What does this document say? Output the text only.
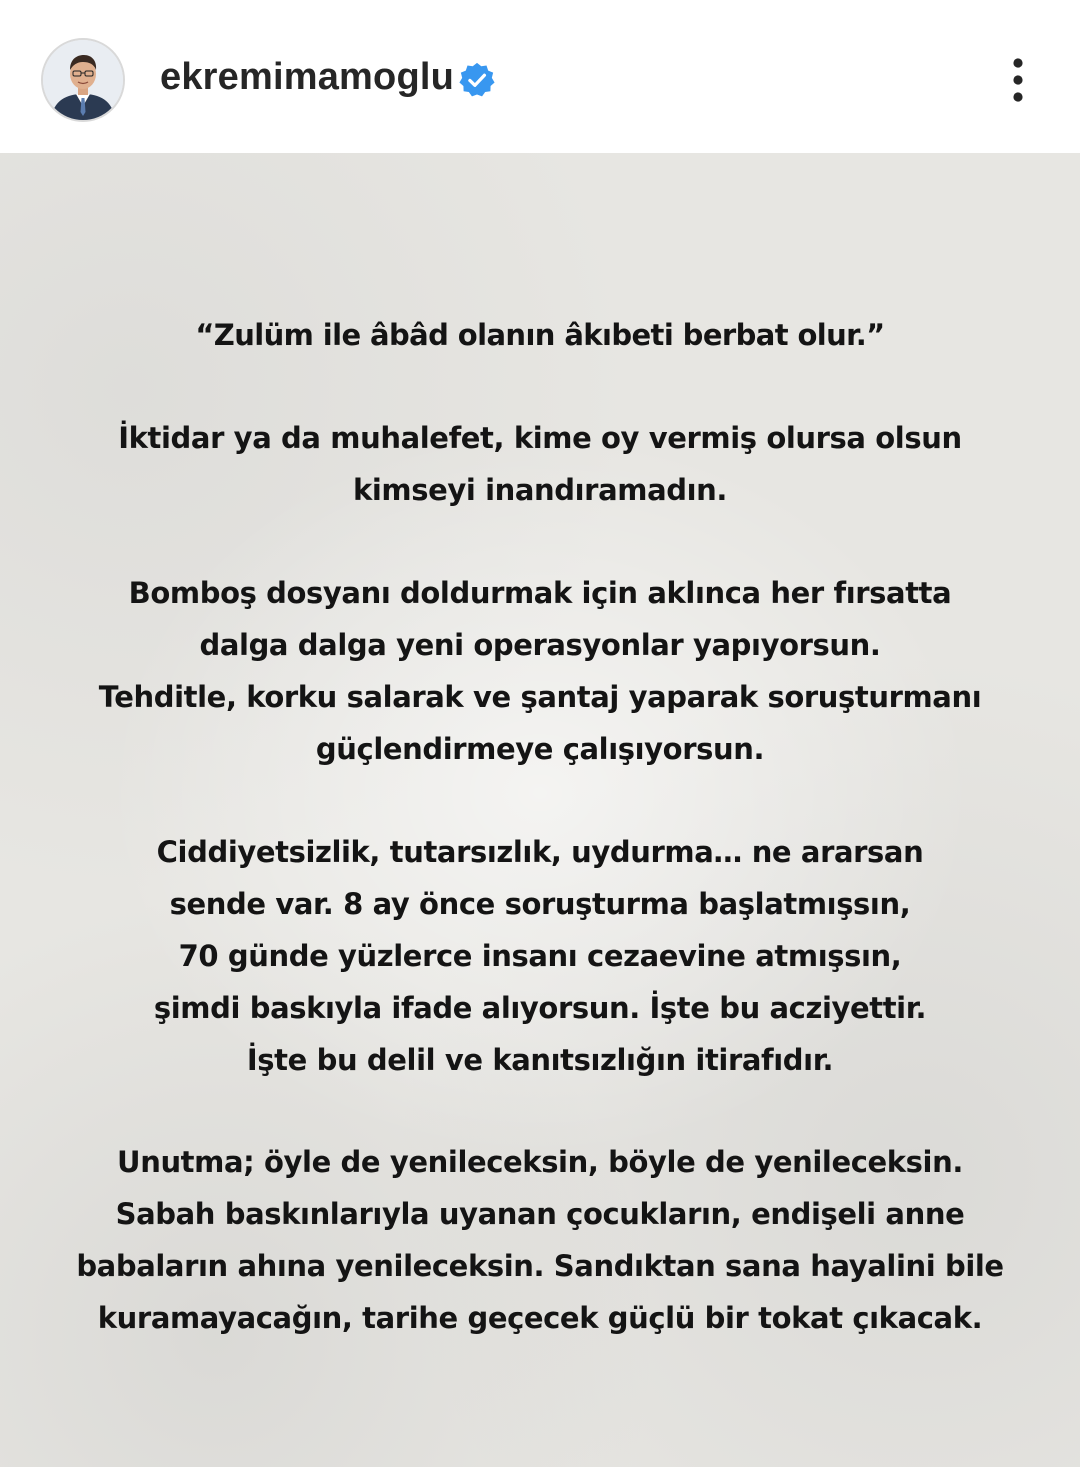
ekremimamoglu
“Zulüm ile âbâd olanın âkıbeti berbat olur.”
İktidar ya da muhalefet, kime oy vermiş olursa olsun
kimseyi inandıramadın.
Bomboş dosyanı doldurmak için aklınca her fırsatta
dalga dalga yeni operasyonlar yapıyorsun.
Tehditle, korku salarak ve şantaj yaparak soruşturmanı
güçlendirmeye çalışıyorsun.
Ciddiyetsizlik, tutarsızlık, uydurma… ne ararsan
sende var. 8 ay önce soruşturma başlatmışsın,
70 günde yüzlerce insanı cezaevine atmışsın,
şimdi baskıyla ifade alıyorsun. İşte bu acziyettir.
İşte bu delil ve kanıtsızlığın itirafıdır.
Unutma; öyle de yenileceksin, böyle de yenileceksin.
Sabah baskınlarıyla uyanan çocukların, endişeli anne
babaların ahına yenileceksin. Sandıktan sana hayalini bile
kuramayacağın, tarihe geçecek güçlü bir tokat çıkacak.
